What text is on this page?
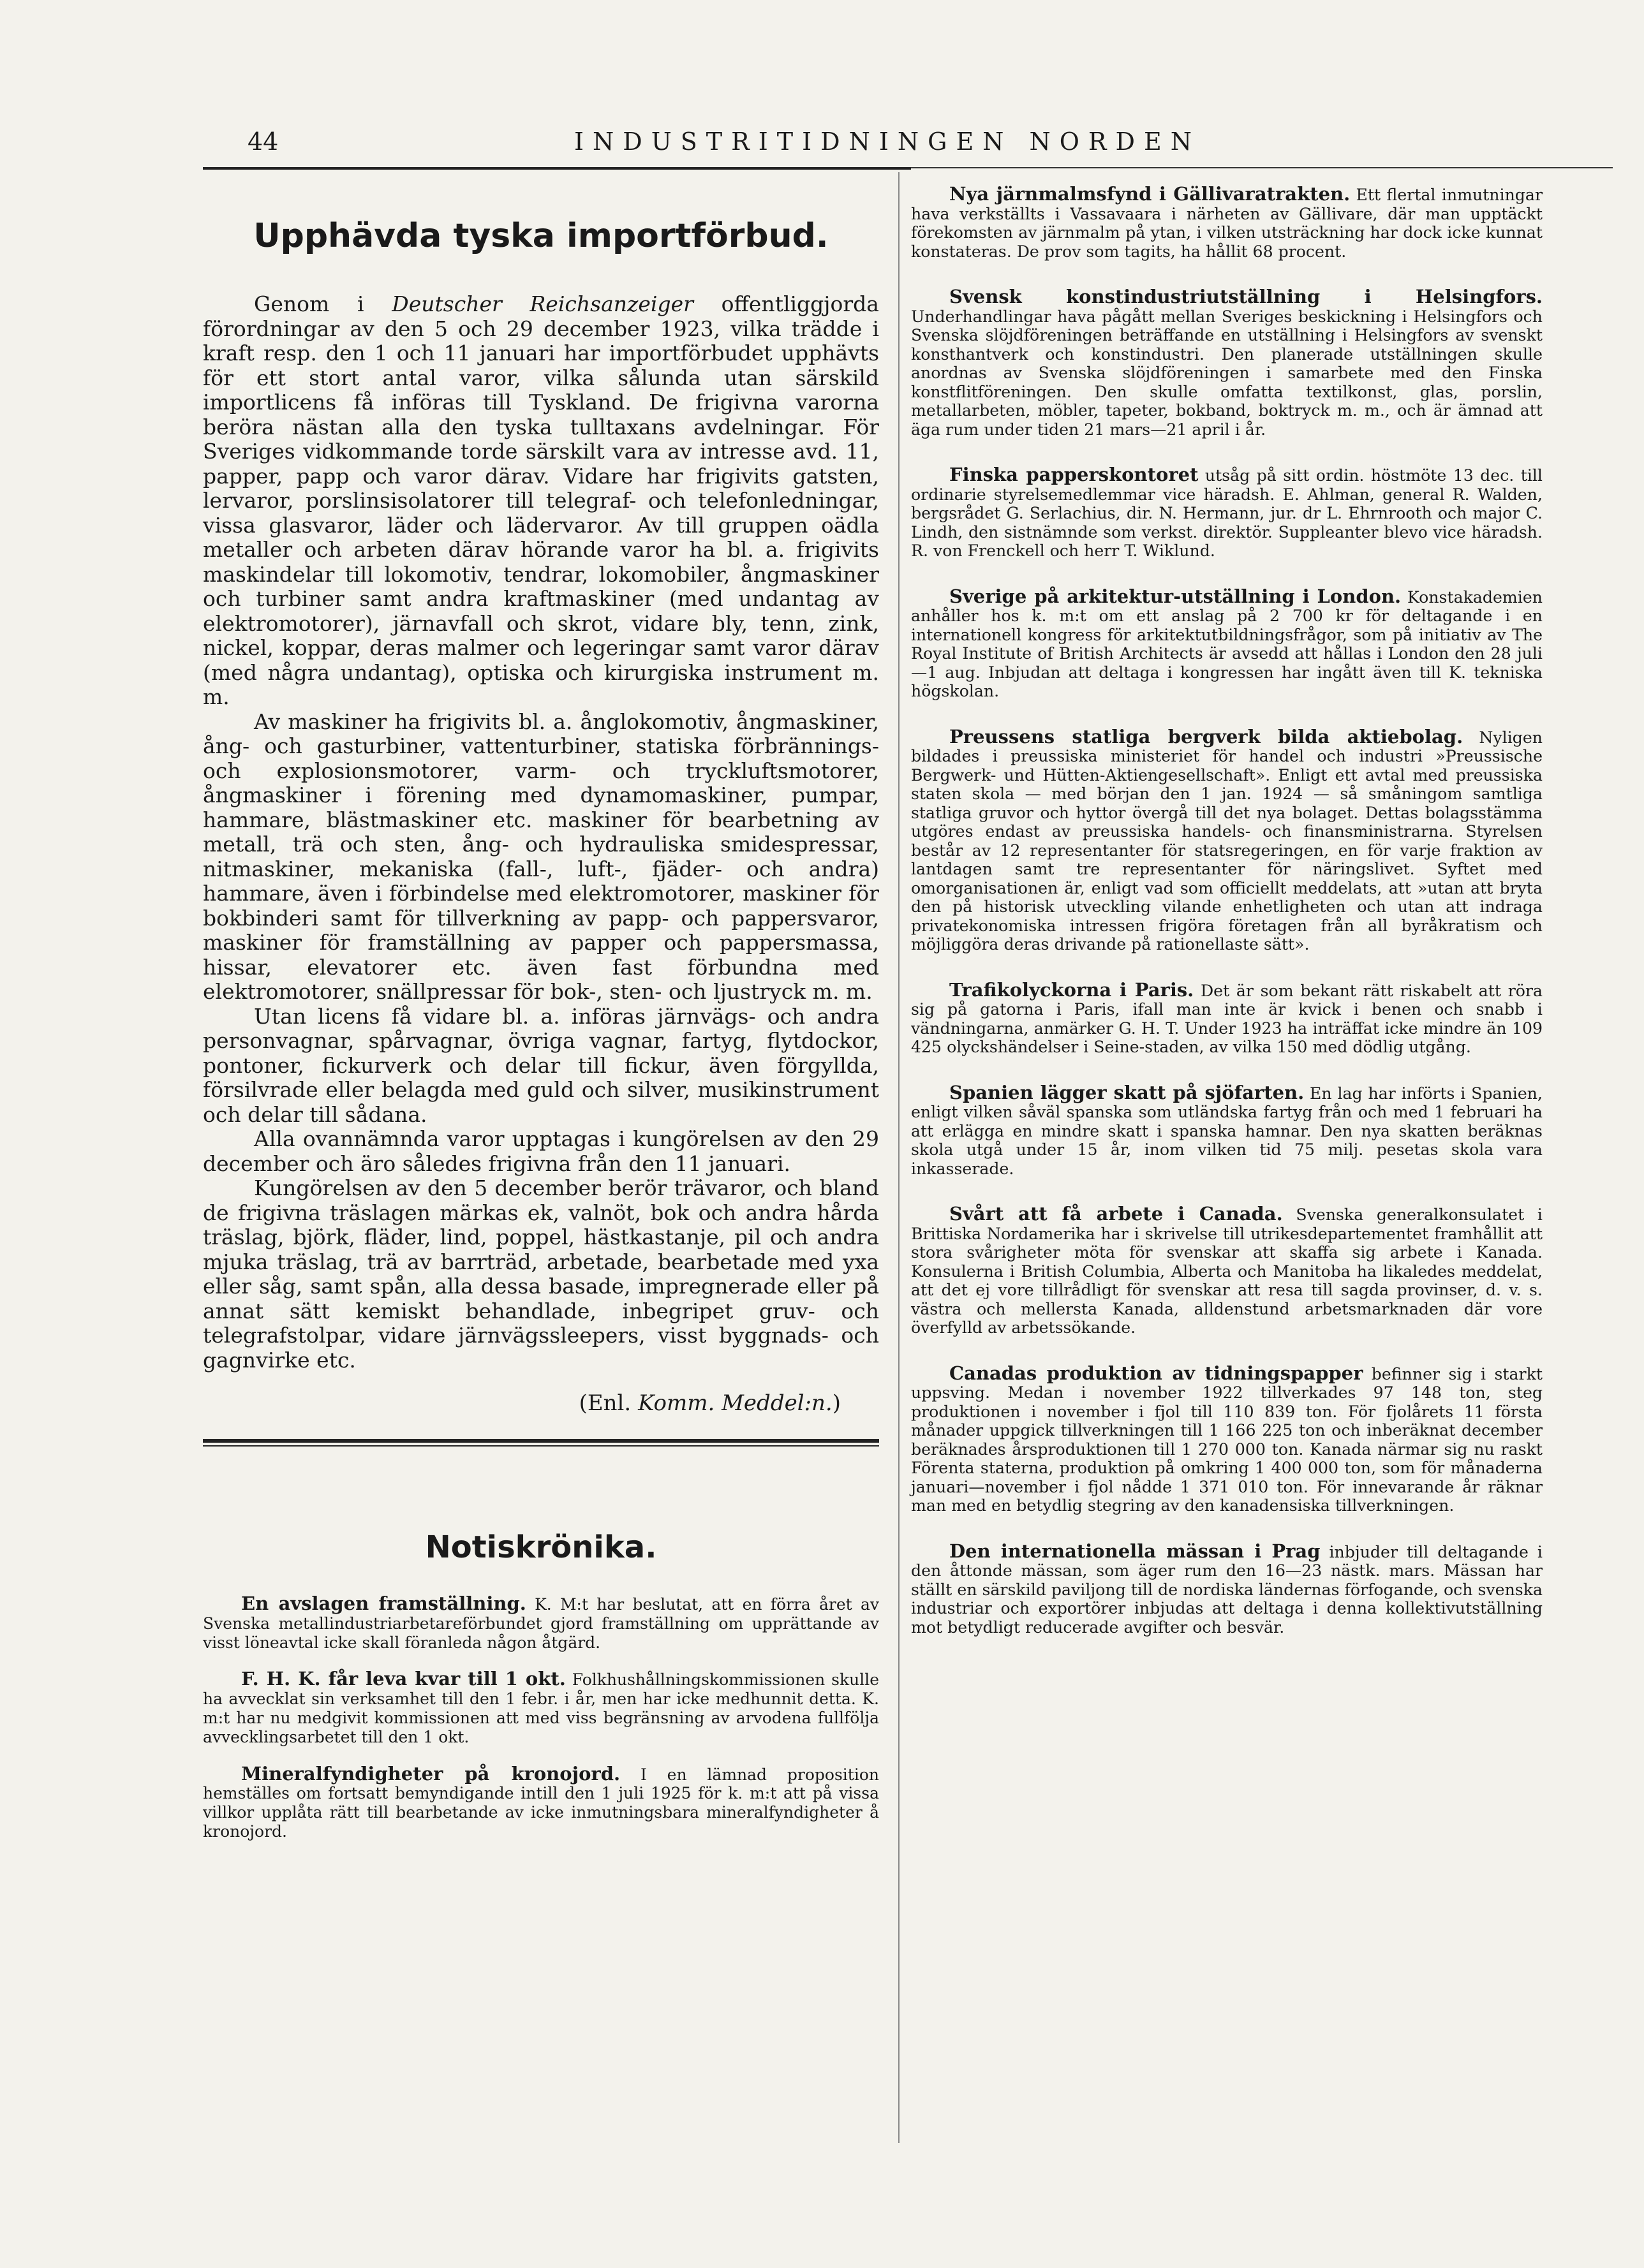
44	INDUSTRITIDNINGEN NORDEN
Upphävda tyska importförbud.

Genom i Deutscher Reichsanzeiger offentliggjorda förordningar av den 5 och 29 december 1923, vilka trädde i kraft resp. den 1 och 11 januari har importförbudet upphävts för ett stort antal varor, vilka sålunda utan särskild importlicens få införas till Tyskland. De frigivna varorna beröra nästan alla den tyska tulltaxans avdelningar. För Sveriges vidkommande torde särskilt vara av intresse avd. 11, papper, papp och varor därav. Vidare har frigivits gatsten, lervaror, porslinsisolatorer till telegraf- och telefonledningar, vissa glasvaror, läder och lädervaror. Av till gruppen oädla metaller och arbeten därav hörande varor ha bl. a. frigivits maskindelar till lokomotiv, tendrar, lokomobiler, ångmaskiner och turbiner samt andra kraftmaskiner (med undantag av elektromotorer), järnavfall och skrot, vidare bly, tenn, zink, nickel, koppar, deras malmer och legeringar samt varor därav (med några undantag), optiska och kirurgiska instrument m. m.

Av maskiner ha frigivits bl. a. ånglokomotiv, ångmaskiner, ång- och gasturbiner, vattenturbiner, statiska förbrännings- och explosionsmotorer, varm- och tryckluftsmotorer, ångmaskiner i förening med dynamomaskiner, pumpar, hammare, blästmaskiner etc. maskiner för bearbetning av metall, trä och sten, ång- och hydrauliska smidespressar, nitmaskiner, mekaniska (fall-, luft-, fjäder- och andra) hammare, även i förbindelse med elektromotorer, maskiner för bokbinderi samt för tillverkning av papp- och pappersvaror, maskiner för framställning av papper och pappersmassa, hissar, elevatorer etc. även fast förbundna med elektromotorer, snällpressar för bok-, sten- och ljustryck m. m.

Utan licens få vidare bl. a. införas järnvägs- och andra personvagnar, spårvagnar, övriga vagnar, fartyg, flytdockor, pontoner, fickurverk och delar till fickur, även förgyllda, försilvrade eller belagda med guld och silver, musikinstrument och delar till sådana.

Alla ovannämnda varor upptagas i kungörelsen av den 29 december och äro således frigivna från den 11 januari.

Kungörelsen av den 5 december berör trävaror, och bland de frigivna träslagen märkas ek, valnöt, bok och andra hårda träslag, björk, fläder, lind, poppel, hästkastanje, pil och andra mjuka träslag, trä av barrträd, arbetade, bearbetade med yxa eller såg, samt spån, alla dessa basade, impregnerade eller på annat sätt kemiskt behandlade, inbegripet gruv- och telegrafstolpar, vidare järnvägssleepers, visst byggnads- och gagnvirke etc.

(Enl. Komm. Meddel:n.)
Notiskrönika.

En avslagen framställning. K. M:t har beslutat, att en förra året av Svenska metallindustriarbetareförbundet gjord framställning om upprättande av visst löneavtal icke skall föranleda någon åtgärd.

F. H. K. får leva kvar till 1 okt. Folkhushållningskommissionen skulle ha avvecklat sin verksamhet till den 1 febr. i år, men har icke medhunnit detta. K. m:t har nu medgivit kommissionen att med viss begränsning av arvodena fullfölja avvecklingsarbetet till den 1 okt.

Mineralfyndigheter på kronojord. I en lämnad proposition hemställes om fortsatt bemyndigande intill den 1 juli 1925 för k. m:t att på vissa villkor upplåta rätt till bearbetande av icke inmutningsbara mineralfyndigheter å kronojord.

Nya järnmalmsfynd i Gällivaratrakten. Ett flertal inmutningar hava verkställts i Vassavaara i närheten av Gällivare, där man upptäckt förekomsten av järnmalm på ytan, i vilken utsträckning har dock icke kunnat konstateras. De prov som tagits, ha hållit 68 procent.

Svensk konstindustriutställning i Helsingfors. Underhandlingar hava pågått mellan Sveriges beskickning i Helsingfors och Svenska slöjdföreningen beträffande en utställning i Helsingfors av svenskt konsthantverk och konstindustri. Den planerade utställningen skulle anordnas av Svenska slöjdföreningen i samarbete med den Finska konstflitföreningen. Den skulle omfatta textilkonst, glas, porslin, metallarbeten, möbler, tapeter, bokband, boktryck m. m., och är ämnad att äga rum under tiden 21 mars—21 april i år.

Finska papperskontoret utsåg på sitt ordin. höstmöte 13 dec. till ordinarie styrelsemedlemmar vice häradsh. E. Ahlman, general R. Walden, bergsrådet G. Serlachius, dir. N. Hermann, jur. dr L. Ehrnrooth och major C. Lindh, den sistnämnde som verkst. direktör. Suppleanter blevo vice häradsh. R. von Frenckell och herr T. Wiklund.

Sverige på arkitektur-utställning i London. Konstakademien anhåller hos k. m:t om ett anslag på 2 700 kr för deltagande i en internationell kongress för arkitektutbildningsfrågor, som på initiativ av The Royal Institute of British Architects är avsedd att hållas i London den 28 juli—1 aug. Inbjudan att deltaga i kongressen har ingått även till K. tekniska högskolan.

Preussens statliga bergverk bilda aktiebolag. Nyligen bildades i preussiska ministeriet för handel och industri »Preussische Bergwerk- und Hütten-Aktiengesellschaft». Enligt ett avtal med preussiska staten skola — med början den 1 jan. 1924 — så småningom samtliga statliga gruvor och hyttor övergå till det nya bolaget. Dettas bolagsstämma utgöres endast av preussiska handels- och finansministrarna. Styrelsen består av 12 representanter för statsregeringen, en för varje fraktion av lantdagen samt tre representanter för näringslivet. Syftet med omorganisationen är, enligt vad som officiellt meddelats, att »utan att bryta den på historisk utveckling vilande enhetligheten och utan att indraga privatekonomiska intressen frigöra företagen från all byråkratism och möjliggöra deras drivande på rationellaste sätt».

Trafikolyckorna i Paris. Det är som bekant rätt riskabelt att röra sig på gatorna i Paris, ifall man inte är kvick i benen och snabb i vändningarna, anmärker G. H. T. Under 1923 ha inträffat icke mindre än 109 425 olyckshändelser i Seine-staden, av vilka 150 med dödlig utgång.

Spanien lägger skatt på sjöfarten. En lag har införts i Spanien, enligt vilken såväl spanska som utländska fartyg från och med 1 februari ha att erlägga en mindre skatt i spanska hamnar. Den nya skatten beräknas skola utgå under 15 år, inom vilken tid 75 milj. pesetas skola vara inkasserade.

Svårt att få arbete i Canada. Svenska generalkonsulatet i Brittiska Nordamerika har i skrivelse till utrikesdepartementet framhållit att stora svårigheter möta för svenskar att skaffa sig arbete i Kanada. Konsulerna i British Columbia, Alberta och Manitoba ha likaledes meddelat, att det ej vore tillrådligt för svenskar att resa till sagda provinser, d. v. s. västra och mellersta Kanada, alldenstund arbetsmarknaden där vore överfylld av arbetssökande.

Canadas produktion av tidningspapper befinner sig i starkt uppsving. Medan i november 1922 tillverkades 97 148 ton, steg produktionen i november i fjol till 110 839 ton. För fjolårets 11 första månader uppgick tillverkningen till 1 166 225 ton och inberäknat december beräknades årsproduktionen till 1 270 000 ton. Kanada närmar sig nu raskt Förenta staterna, produktion på omkring 1 400 000 ton, som för månaderna januari—november i fjol nådde 1 371 010 ton. För innevarande år räknar man med en betydlig stegring av den kanadensiska tillverkningen.

Den internationella mässan i Prag inbjuder till deltagande i den åttonde mässan, som äger rum den 16—23 nästk. mars. Mässan har ställt en särskild paviljong till de nordiska ländernas förfogande, och svenska industriar och exportörer inbjudas att deltaga i denna kollektivutställning mot betydligt reducerade avgifter och besvär.
